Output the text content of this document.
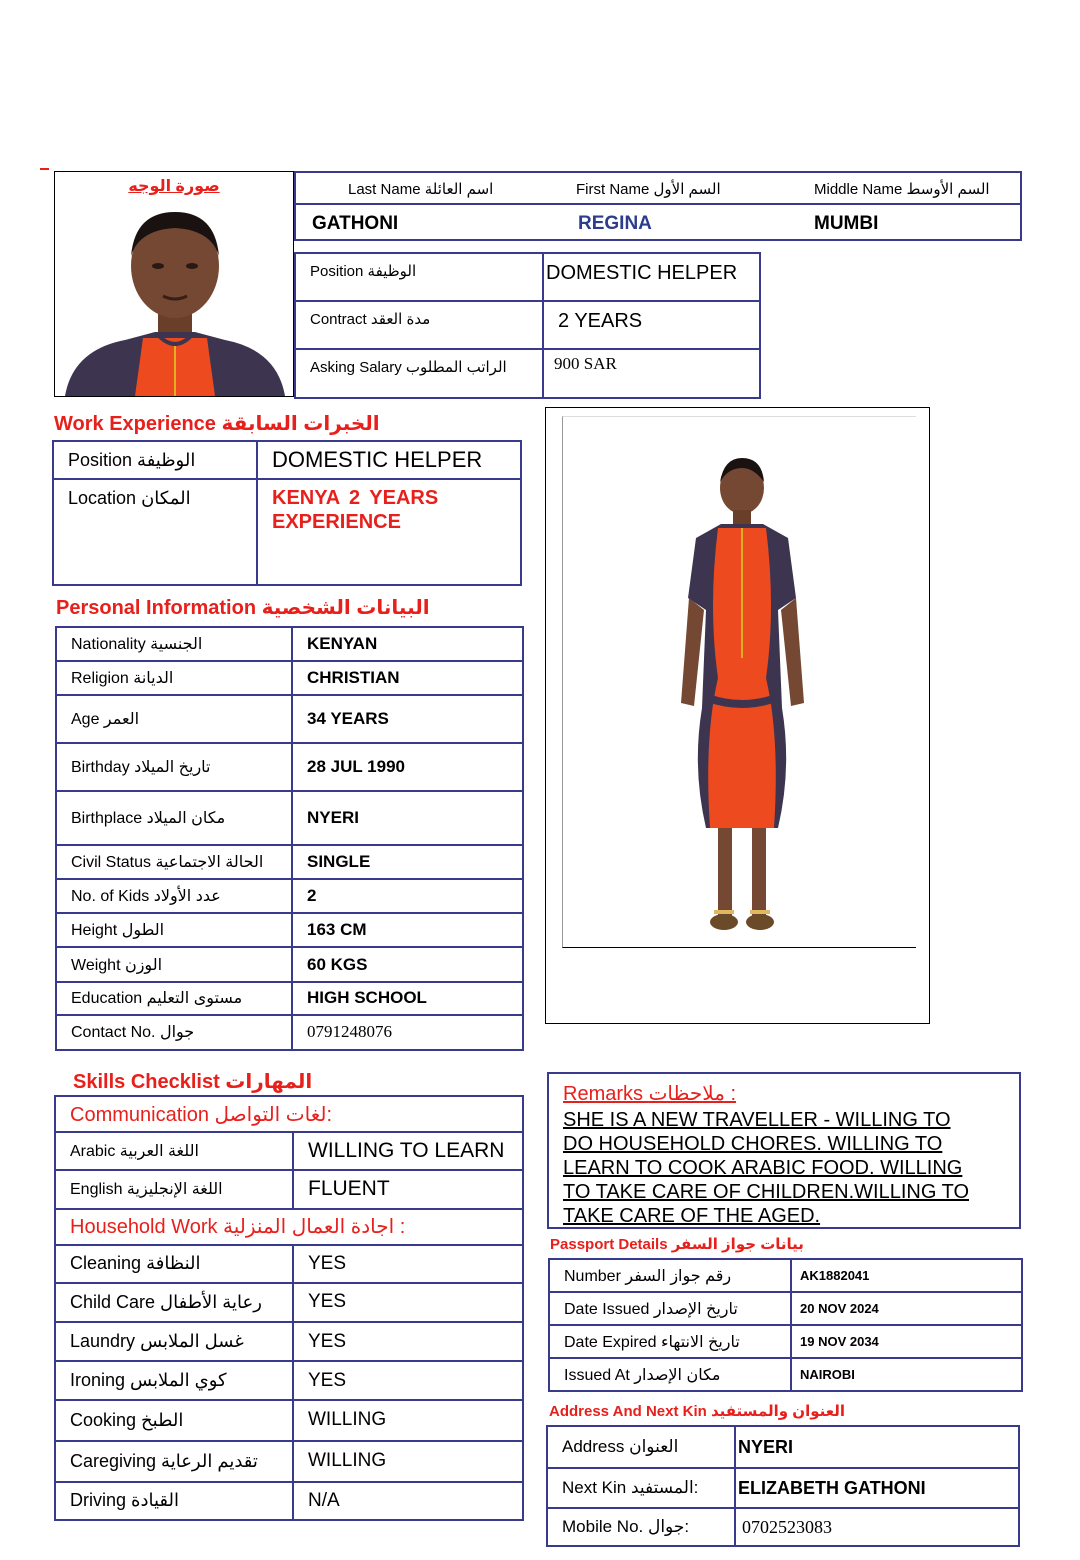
صورة الوجه	Last Name اسم العائلة	First Name السم الأول	Middle Name السم الأوسط
GATHONI	REGINA	MUMBI
Position الوظيفة	DOMESTIC HELPER
Contract مدة العقد	2 YEARS
Asking Salary الراتب المطلوب	900 SAR
Work Experience الخبرات السابقة
Position الوظيفة	DOMESTIC HELPER
Location المكان	KENYA 2 YEARS EXPERIENCE
Personal Information البيانات الشخصية
Nationality الجنسية	KENYAN
Religion الديانة	CHRISTIAN
Age العمر	34 YEARS
Birthday تاريخ الميلاد	28 JUL 1990
Birthplace مكان الميلاد	NYERI
Civil Status الحالة الاجتماعية	SINGLE
No. of Kids عدد الأولاد	2
Height الطول	163 CM
Weight الوزن	60 KGS
Education مستوى التعليم	HIGH SCHOOL
Contact No. جوال	0791248076
Skills Checklist المهارات
Communication لغات التواصل:	
Arabic اللغة العربية	WILLING TO LEARN
English اللغة الإنجليزية	FLUENT
Household Work اجادة العمال المنزلية :	
Cleaning النظافة	YES
Child Care رعاية الأطفال	YES
Laundry غسل الملابس	YES
Ironing كوي الملابس	YES
Cooking الطبخ	WILLING
Caregiving تقديم الرعاية	WILLING
Driving القيادة	N/A
Remarks ملاحظات :
SHE IS A NEW TRAVELLER - WILLING TO
DO HOUSEHOLD CHORES. WILLING TO
LEARN TO COOK ARABIC FOOD. WILLING
TO TAKE CARE OF CHILDREN.WILLING TO
TAKE CARE OF THE AGED.
Passport Details بيانات جواز السفر
Number رقم جواز السفر	AK1882041
Date Issued تاريخ الإصدار	20 NOV 2024
Date Expired تاريخ الانتهاء	19 NOV 2034
Issued At مكان الإصدار	NAIROBI
Address And Next Kin العنوان والمستفيد
Address العنوان	NYERI
Next Kin المستفيد:	ELIZABETH GATHONI
Mobile No. جوال:	0702523083
